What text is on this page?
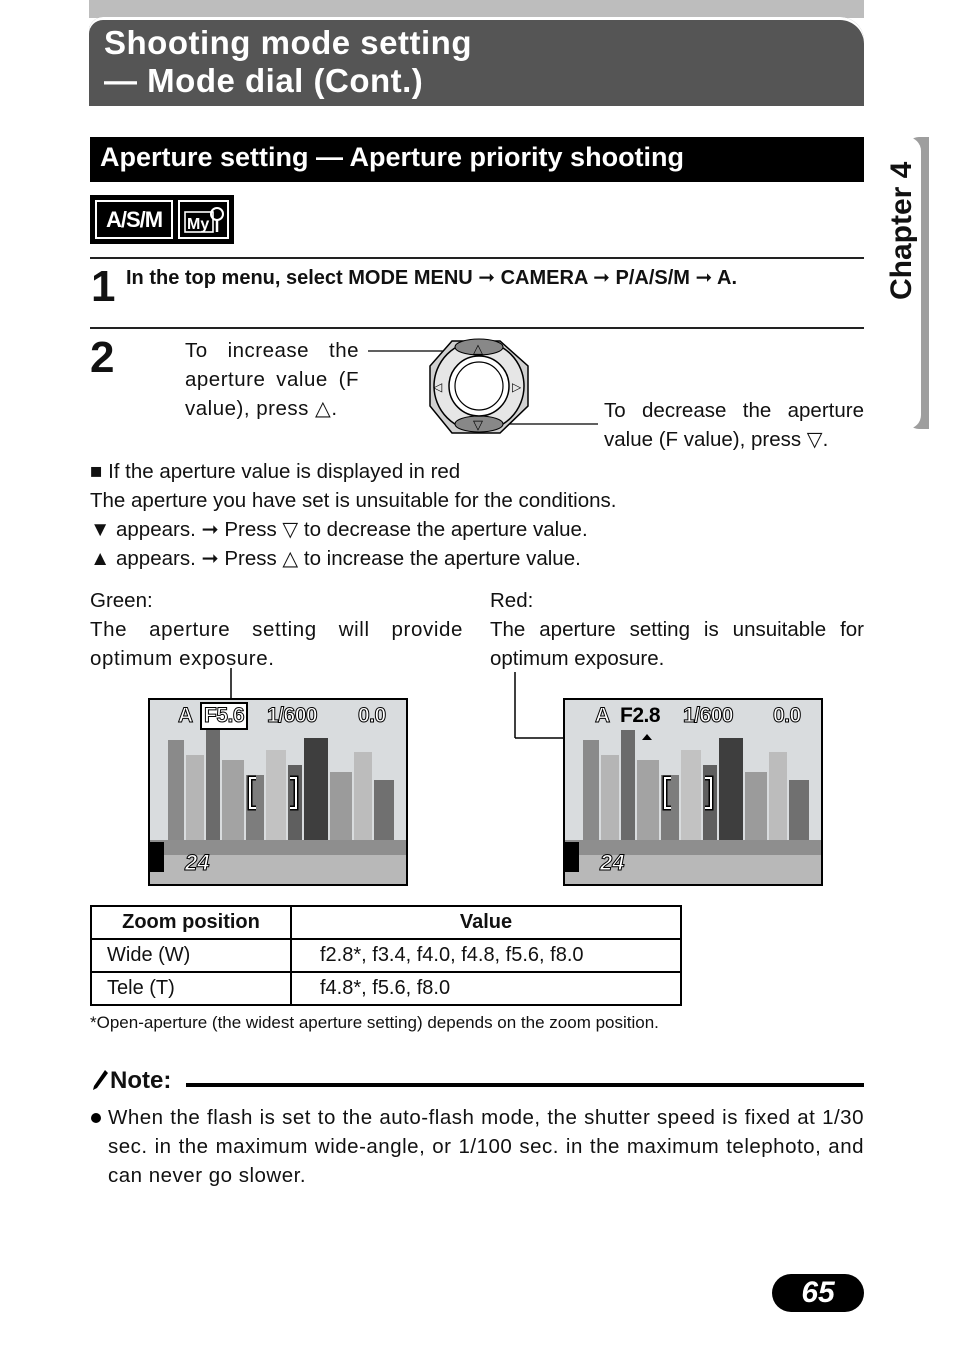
Shooting mode setting
— Mode dial (Cont.)
Chapter 4
Aperture setting — Aperture priority shooting
A/S/M	My
1 In the top menu, select MODE MENU ➞ CAMERA ➞ P/A/S/M ➞ A.
2	To increase the aperture value (F value), press △.	To decrease the aperture value (F value), press ▽.
△
▽
◁	▷
■ If the aperture value is displayed in red
The aperture you have set is unsuitable for the conditions.
▼ appears. ➞ Press ▽ to decrease the aperture value.
▲ appears. ➞ Press △ to increase the aperture value.
Green:
The aperture setting will provide optimum exposure.
Red:
The aperture setting is unsuitable for optimum exposure.
A F5.6 1/600 0.0
24
A F2.8 1/600 0.0
24
Zoom position	Value
Wide (W)	f2.8*, f3.4, f4.0, f4.8, f5.6, f8.0
Tele (T)	f4.8*, f5.6, f8.0
*Open-aperture (the widest aperture setting) depends on the zoom position.
Note:
When the flash is set to the auto-flash mode, the shutter speed is fixed at 1/30 sec. in the maximum wide-angle, or 1/100 sec. in the maximum telephoto, and can never go slower.
65
